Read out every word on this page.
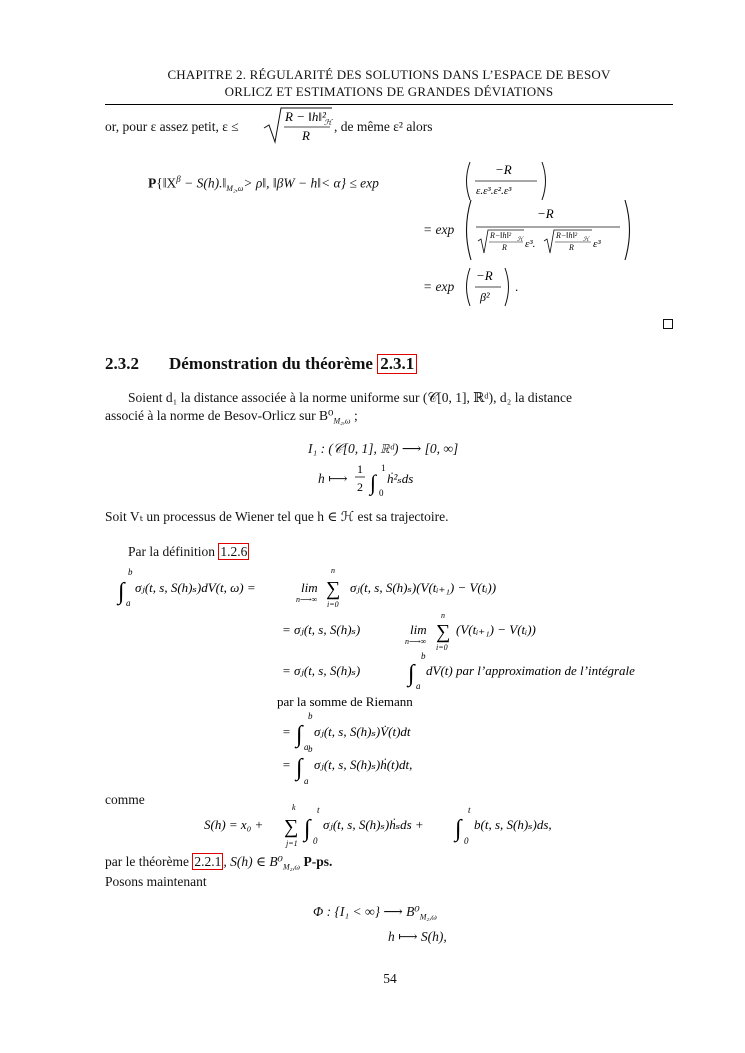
CHAPITRE 2. RÉGULARITÉ DES SOLUTIONS DANS L’ESPACE DE BESOV
ORLICZ ET ESTIMATIONS DE GRANDES DÉVIATIONS
or, pour ε assez petit, ε ≤
R − ‖h‖²
ℋ
R
, de même ε² alors
$P\{‖X^\beta$ − $S(h).‖_{M_2,\omega}>$ ρ‖, ‖βW − h‖< α} ≤ exp
−R
ε.ε³.ε².ε³
= exp
−R
R−‖h‖² ℋ
R ε³.
R−‖h‖² ℋ
R ε³
= exp
−R
β²
.
2.3.2 Démonstration du théorème 2.3.1
Soient d₁ la distance associée à la norme uniforme sur (𝒞[0, 1], ℝᵈ), d₂ la distance
associé à la norme de Besov-Orlicz sur $B^0_{M_2,\omega}$ ;
I₁ : (𝒞[0, 1], ℝᵈ) ⟶ [0, ∞]
h ⟼
1
2 ∫
1
0
ḣ²ₛds
Soit Vₜ un processus de Wiener tel que h ∈ ℋ est sa trajectoire.
Par la définition 1.2.6
∫
b
a
σⱼ(t, s, S(h)ₛ)dV(t, ω) =	lim
n⟶∞
n
∑
i=0
σⱼ(t, s, S(h)ₛ)(V(tᵢ₊₁) − V(tᵢ))
= σⱼ(t, s, S(h)ₛ)	lim
n⟶∞
n
∑
i=0
(V(tᵢ₊₁) − V(tᵢ))
= σⱼ(t, s, S(h)ₛ) ∫
b
a
dV(t) par l’approximation de l’intégrale
par la somme de Riemann
= ∫
b
a
σⱼ(t, s, S(h)ₛ)V̇(t)dt
= ∫
b
a
σⱼ(t, s, S(h)ₛ)ḣ(t)dt,
comme
S(h) = x₀ +
k
∑
j=1
∫
t
0
σⱼ(t, s, S(h)ₛ)ḣₛds + ∫
t
0
b(t, s, S(h)ₛ)ds,
par le théorème 2.2.1 , S(h) ∈ $B^0_{M_2,\omega}$ P-ps.
Posons maintenant
Φ : {I₁ < ∞} ⟶ $B^0_{M_2,\omega}$
h ⟼ S(h),
54
